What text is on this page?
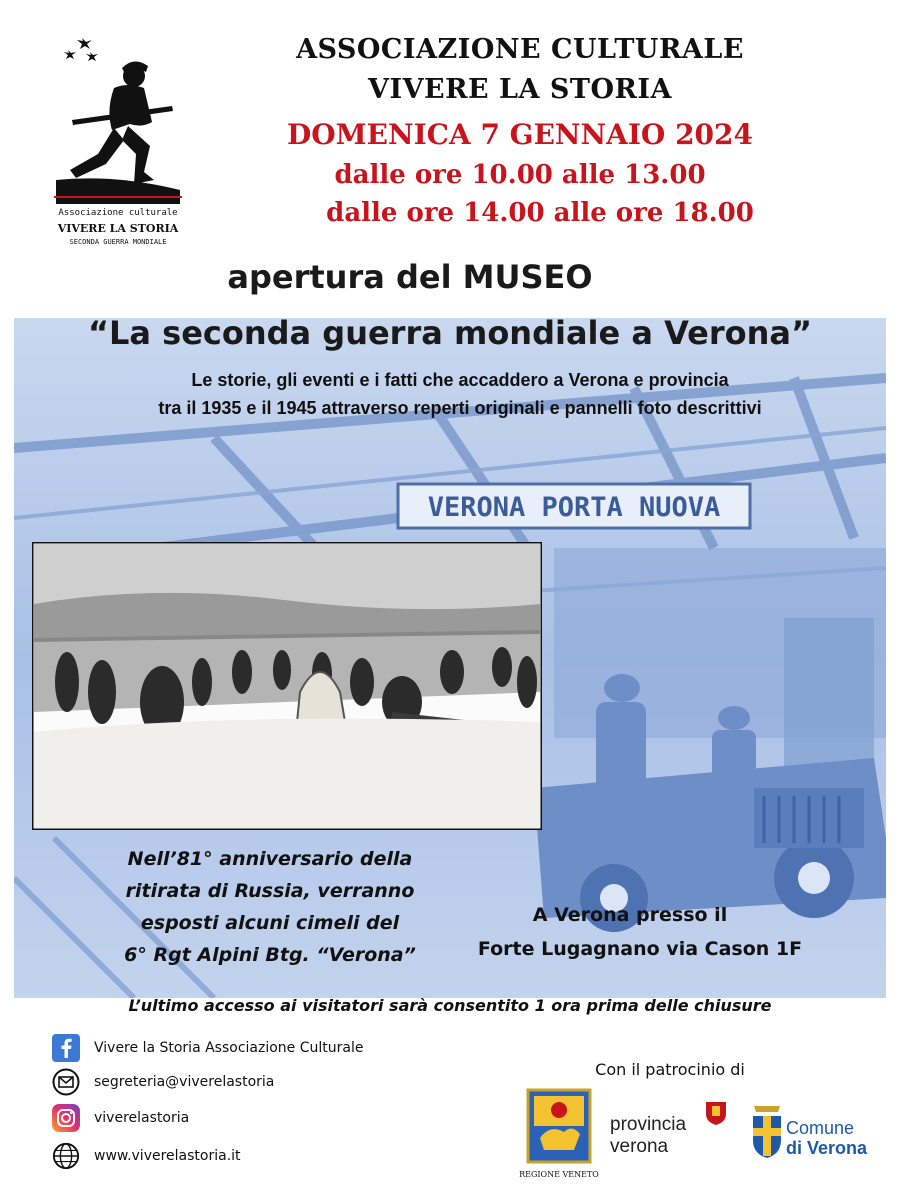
VERONA PORTA NUOVA
Associazione culturale
VIVERE LA STORIA
SECONDA GUERRA MONDIALE
ASSOCIAZIONE CULTURALE
VIVERE LA STORIA
DOMENICA 7 GENNAIO 2024
dalle ore 10.00 alle 13.00
dalle ore 14.00 alle ore 18.00
apertura del MUSEO
“La seconda guerra mondiale a Verona”
Le storie, gli eventi e i fatti che accaddero a Verona e provincia
tra il 1935 e il 1945 attraverso reperti originali e pannelli foto descrittivi
Nell’81° anniversario della
ritirata di Russia, verranno
esposti alcuni cimeli del
6° Rgt Alpini Btg. “Verona”
A Verona presso il
Forte Lugagnano via Cason 1F
L’ultimo accesso ai visitatori sarà consentito 1 ora prima delle chiusure
Vivere la Storia Associazione Culturale
segreteria@viverelastoria
viverelastoria
www.viverelastoria.it
Con il patrocinio di
REGIONE VENETO
provincia
verona
Comune
di Verona
